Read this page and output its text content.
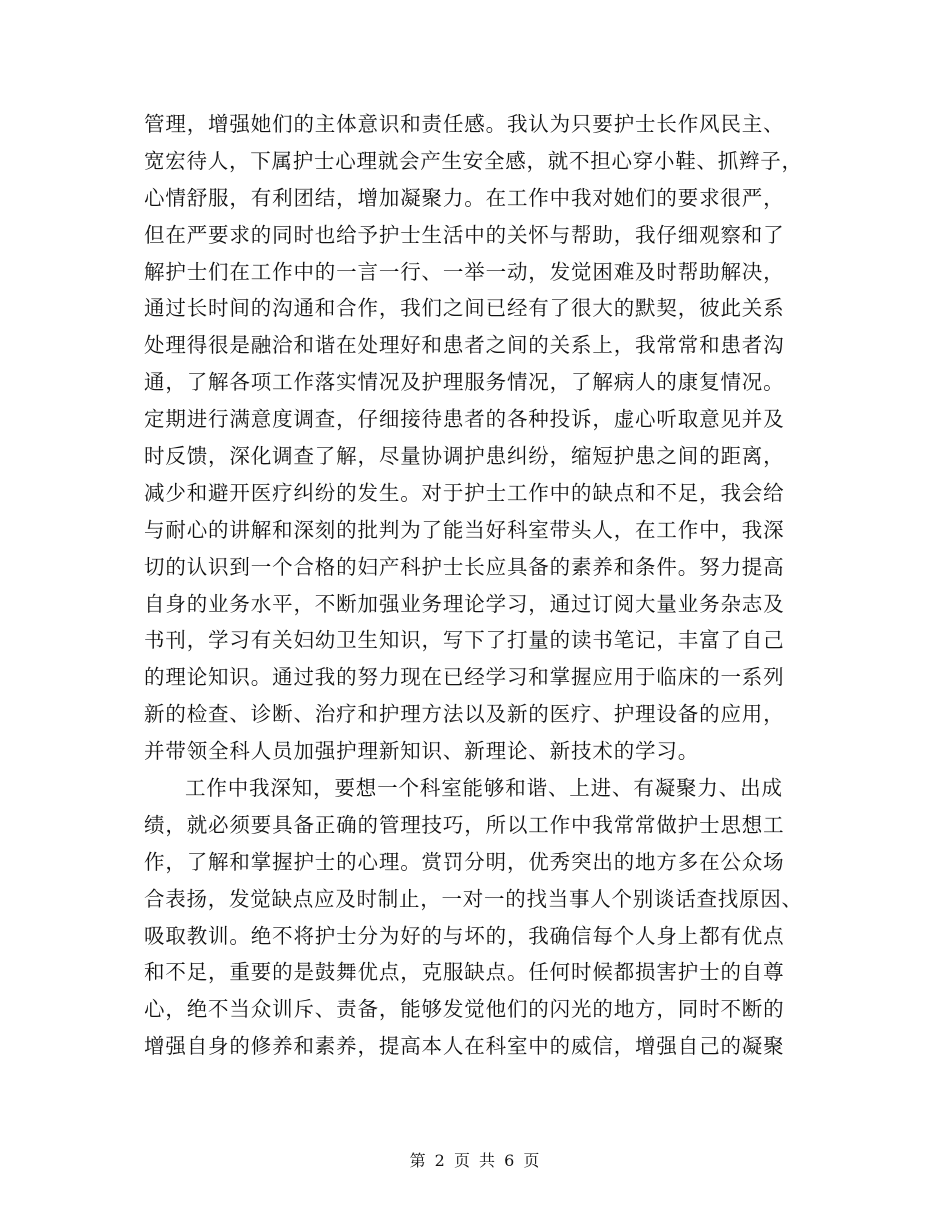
管理，增强她们的主体意识和责任感。我认为只要护士长作风民主、
宽宏待人，下属护士心理就会产生安全感，就不担心穿小鞋、抓辫子，
心情舒服，有利团结，增加凝聚力。在工作中我对她们的要求很严，
但在严要求的同时也给予护士生活中的关怀与帮助，我仔细观察和了
解护士们在工作中的一言一行、一举一动，发觉困难及时帮助解决，
通过长时间的沟通和合作，我们之间已经有了很大的默契，彼此关系
处理得很是融洽和谐在处理好和患者之间的关系上，我常常和患者沟
通，了解各项工作落实情况及护理服务情况，了解病人的康复情况。
定期进行满意度调查，仔细接待患者的各种投诉，虚心听取意见并及
时反馈，深化调查了解，尽量协调护患纠纷，缩短护患之间的距离，
减少和避开医疗纠纷的发生。对于护士工作中的缺点和不足，我会给
与耐心的讲解和深刻的批判为了能当好科室带头人，在工作中，我深
切的认识到一个合格的妇产科护士长应具备的素养和条件。努力提高
自身的业务水平，不断加强业务理论学习，通过订阅大量业务杂志及
书刊，学习有关妇幼卫生知识，写下了打量的读书笔记，丰富了自己
的理论知识。通过我的努力现在已经学习和掌握应用于临床的一系列
新的检查、诊断、治疗和护理方法以及新的医疗、护理设备的应用，
并带领全科人员加强护理新知识、新理论、新技术的学习。
工作中我深知，要想一个科室能够和谐、上进、有凝聚力、出成
绩，就必须要具备正确的管理技巧，所以工作中我常常做护士思想工
作，了解和掌握护士的心理。赏罚分明，优秀突出的地方多在公众场
合表扬，发觉缺点应及时制止，一对一的找当事人个别谈话查找原因、
吸取教训。绝不将护士分为好的与坏的，我确信每个人身上都有优点
和不足，重要的是鼓舞优点，克服缺点。任何时候都损害护士的自尊
心，绝不当众训斥、责备，能够发觉他们的闪光的地方，同时不断的
增强自身的修养和素养，提高本人在科室中的威信，增强自己的凝聚
第 2 页 共 6 页
